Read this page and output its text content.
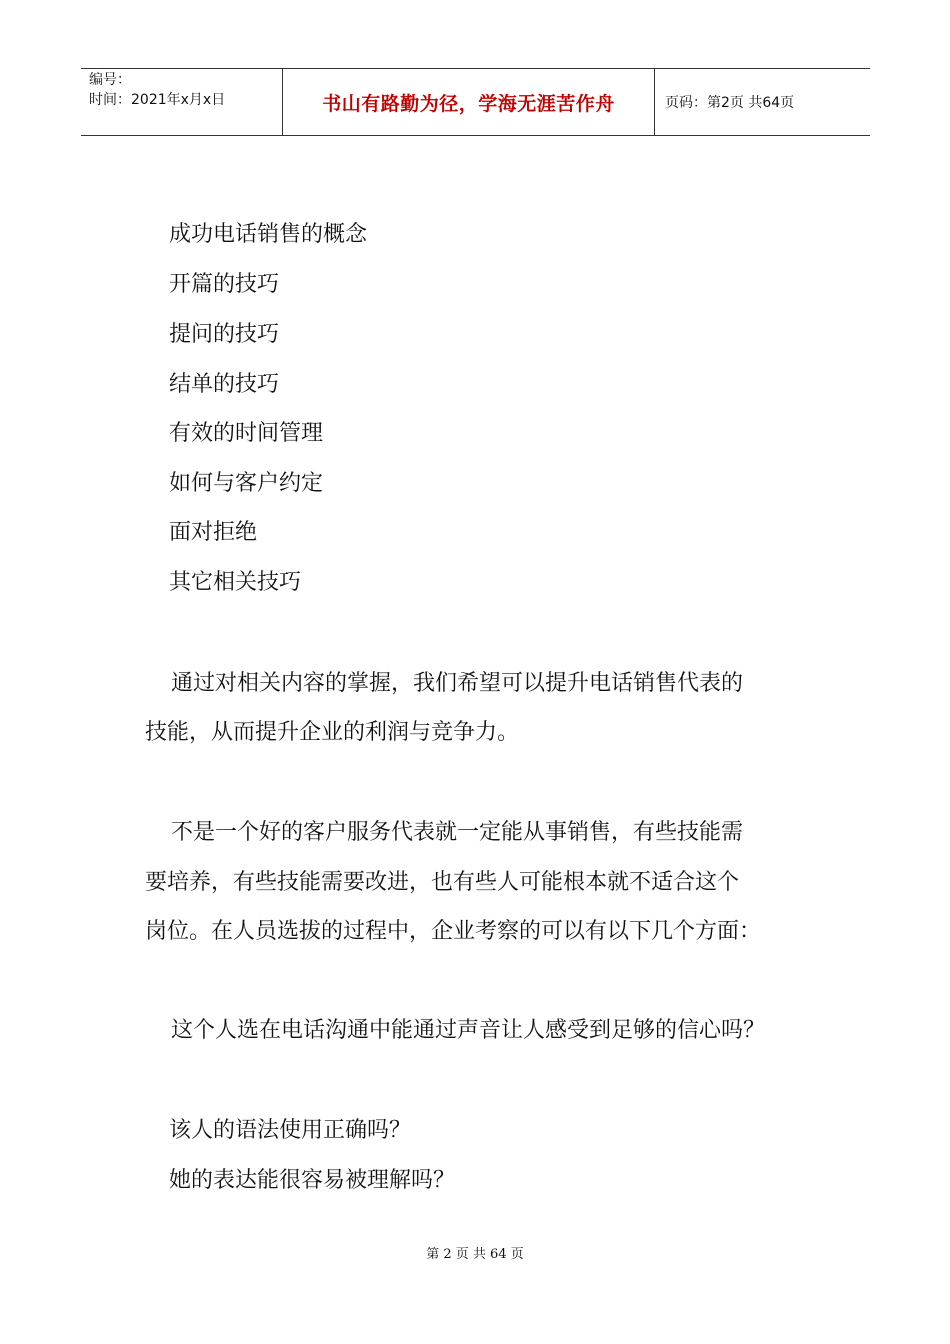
编号：
时间：2021年x月x日	书山有路勤为径，学海无涯苦作舟	页码：第2页 共64页
成功电话销售的概念
开篇的技巧
提问的技巧
结单的技巧
有效的时间管理
如何与客户约定
面对拒绝
其它相关技巧
通过对相关内容的掌握，我们希望可以提升电话销售代表的
技能，从而提升企业的利润与竞争力。
不是一个好的客户服务代表就一定能从事销售，有些技能需
要培养，有些技能需要改进，也有些人可能根本就不适合这个
岗位。在人员选拔的过程中，企业考察的可以有以下几个方面：
这个人选在电话沟通中能通过声音让人感受到足够的信心吗？
该人的语法使用正确吗？
她的表达能很容易被理解吗？
第 2 页 共 64 页
